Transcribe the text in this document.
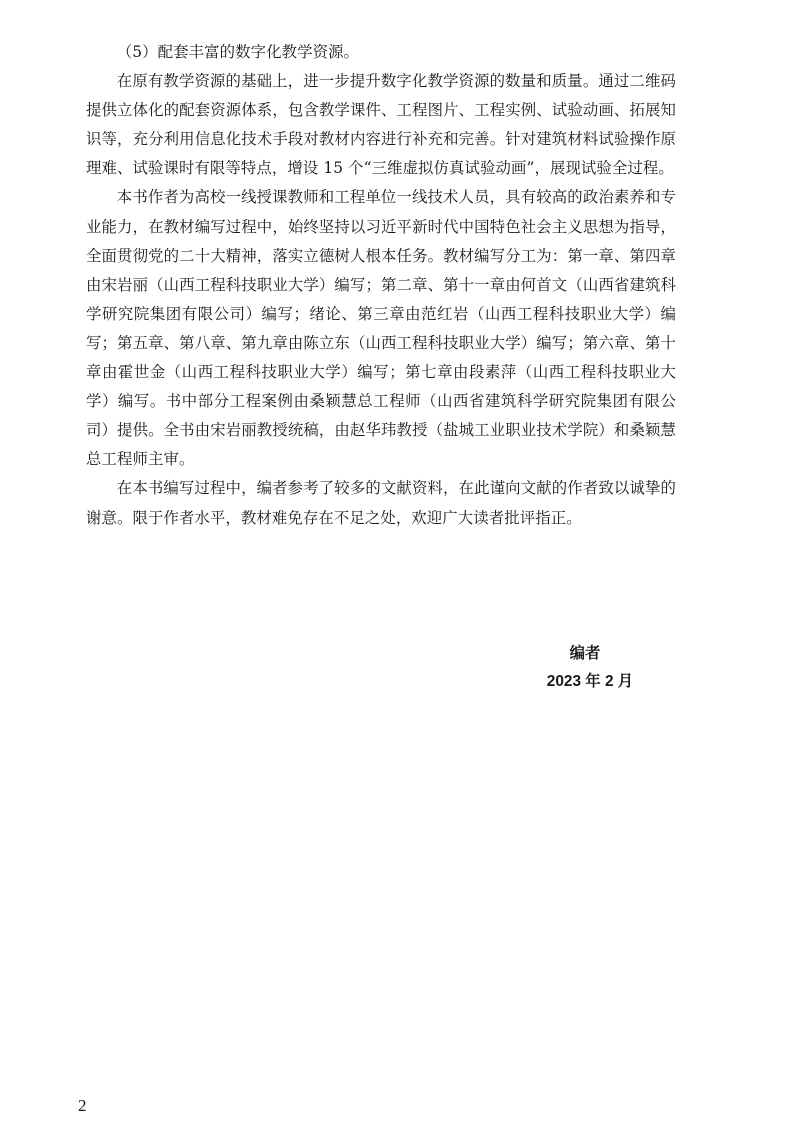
（5）配套丰富的数字化教学资源。

在原有教学资源的基础上，进一步提升数字化教学资源的数量和质量。通过二维码提供立体化的配套资源体系，包含教学课件、工程图片、工程实例、试验动画、拓展知识等，充分利用信息化技术手段对教材内容进行补充和完善。针对建筑材料试验操作原理难、试验课时有限等特点，增设 15 个“三维虚拟仿真试验动画”，展现试验全过程。

本书作者为高校一线授课教师和工程单位一线技术人员，具有较高的政治素养和专业能力，在教材编写过程中，始终坚持以习近平新时代中国特色社会主义思想为指导，全面贯彻党的二十大精神，落实立德树人根本任务。教材编写分工为：第一章、第四章由宋岩丽（山西工程科技职业大学）编写；第二章、第十一章由何首文（山西省建筑科学研究院集团有限公司）编写；绪论、第三章由范红岩（山西工程科技职业大学）编写；第五章、第八章、第九章由陈立东（山西工程科技职业大学）编写；第六章、第十章由霍世金（山西工程科技职业大学）编写；第七章由段素萍（山西工程科技职业大学）编写。书中部分工程案例由桑颖慧总工程师（山西省建筑科学研究院集团有限公司）提供。全书由宋岩丽教授统稿，由赵华玮教授（盐城工业职业技术学院）和桑颖慧总工程师主审。

在本书编写过程中，编者参考了较多的文献资料，在此谨向文献的作者致以诚挚的谢意。限于作者水平，教材难免存在不足之处，欢迎广大读者批评指正。

编者
2023 年 2 月
2
